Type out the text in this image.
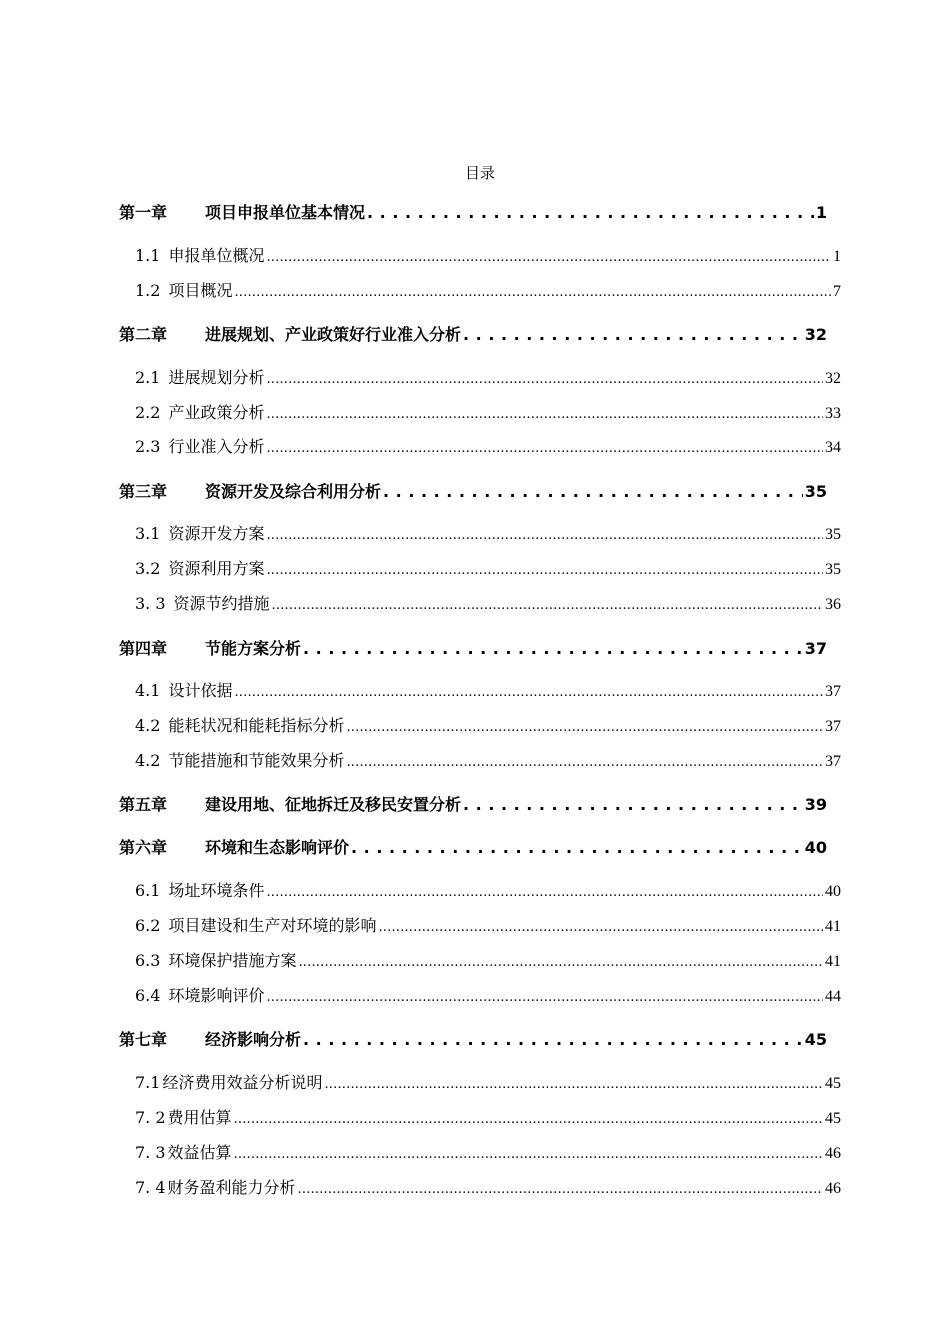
目录
第一章	项目申报单位基本情况 . . .	1
1.1 申报单位概况 .....	1
1.2 项目概况 .....	7
第二章	进展规划、产业政策好行业准入分析 . . .	32
2.1 进展规划分析 .....	32
2.2 产业政策分析 .....	33
2.3 行业准入分析 .....	34
第三章	资源开发及综合利用分析 . . .	35
3.1 资源开发方案 .....	35
3.2 资源利用方案 .....	35
3. 3 资源节约措施 .....	36
第四章	节能方案分析 . . .	37
4.1 设计依据 .....	37
4.2 能耗状况和能耗指标分析 .....	37
4.2 节能措施和节能效果分析 .....	37
第五章	建设用地、征地拆迁及移民安置分析 . . .	39
第六章	环境和生态影响评价 . . .	40
6.1 场址环境条件 .....	40
6.2 项目建设和生产对环境的影响 .....	41
6.3 环境保护措施方案 .....	41
6.4 环境影响评价 .....	44
第七章	经济影响分析 . . .	45
7.1 经济费用效益分析说明 .....	45
7. 2 费用估算 .....	45
7. 3 效益估算 .....	46
7. 4 财务盈利能力分析 .....	46
